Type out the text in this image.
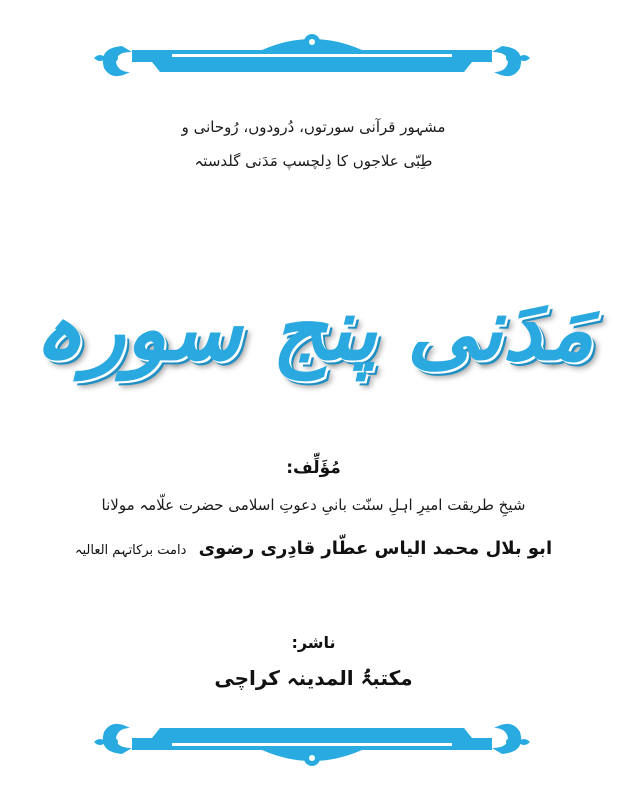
مشہور قرآنی سورتوں، دُرودوں، رُوحانی و
طِبّی علاجوں کا دِلچسپ مَدَنی گلدستہ
مَدَنی پنج سورہ
مُؤَلِّف:
شیخِ طریقت امیرِ اہلِ سنّت بانیِ دعوتِ اسلامی حضرت علّامہ مولانا
ابو بلال محمد الیاس عطّار قادِری رضوی دامت برکاتہم العالیہ
ناشر:
مکتبۃُ المدینہ کراچی
